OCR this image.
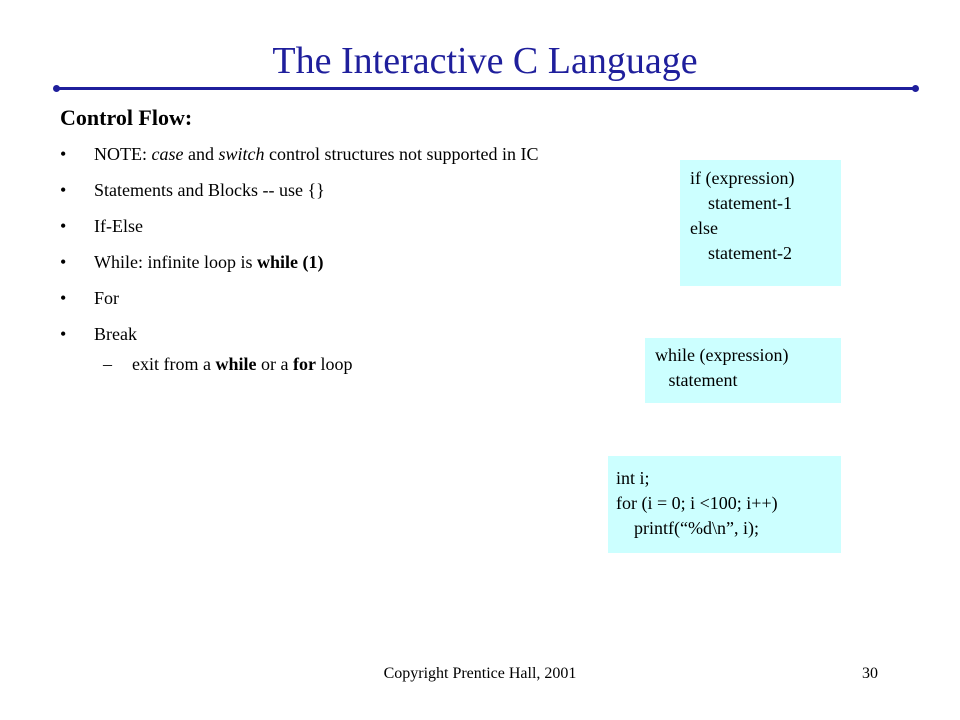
The Interactive C Language
Control Flow:
• NOTE: case and switch control structures not supported in IC
• Statements and Blocks -- use {}
• If-Else
• While: infinite loop is while (1)
• For
• Break
– exit from a while or a for loop
if (expression)
statement-1
else
statement-2
while (expression)
statement
int i;
for (i = 0; i <100; i++)
printf(“%d\n”, i);
Copyright Prentice Hall, 2001	30
